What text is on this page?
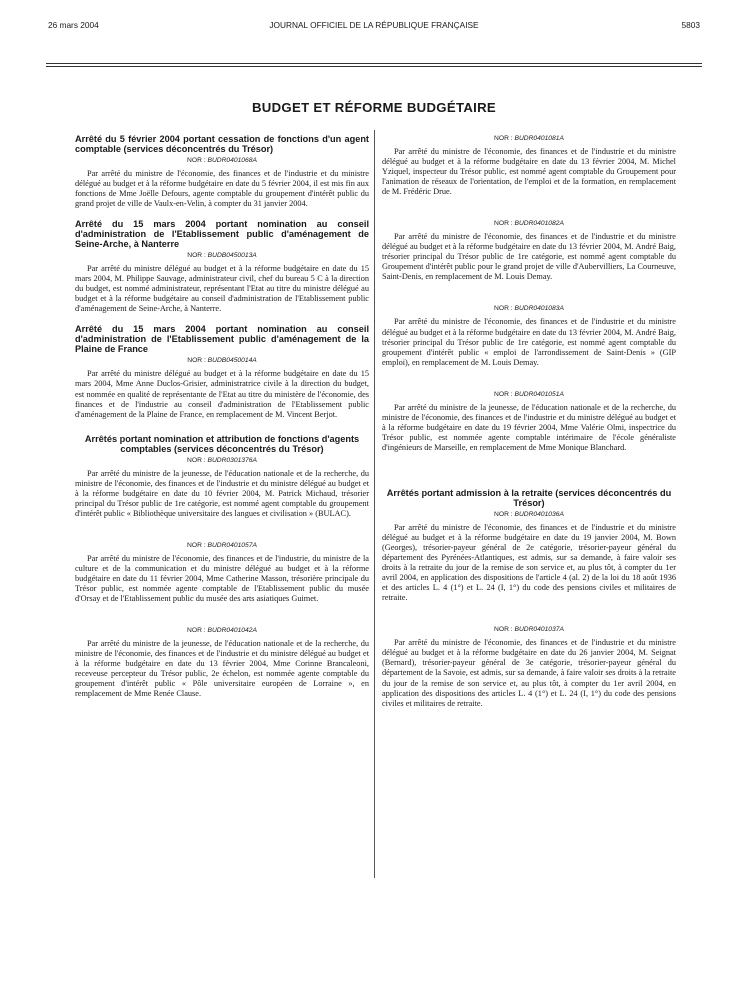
26 mars 2004	JOURNAL OFFICIEL DE LA RÉPUBLIQUE FRANÇAISE	5803
BUDGET ET RÉFORME BUDGÉTAIRE
Arrêté du 5 février 2004 portant cessation de fonctions d'un agent comptable (services déconcentrés du Trésor)
NOR : BUDR0401068A

Par arrêté du ministre de l'économie, des finances et de l'industrie et du ministre délégué au budget et à la réforme budgétaire en date du 5 février 2004, il est mis fin aux fonctions de Mme Joëlle Defours, agente comptable du groupement d'intérêt public du grand projet de ville de Vaulx-en-Velin, à compter du 31 janvier 2004.

Arrêté du 15 mars 2004 portant nomination au conseil d'administration de l'Etablissement public d'aménagement de Seine-Arche, à Nanterre
NOR : BUDB0450013A

Par arrêté du ministre délégué au budget et à la réforme budgétaire en date du 15 mars 2004, M. Philippe Sauvage, administrateur civil, chef du bureau 5 C à la direction du budget, est nommé administrateur, représentant l'Etat au titre du ministre délégué au budget et à la réforme budgétaire au conseil d'administration de l'Etablissement public d'aménagement de Seine-Arche, à Nanterre.

Arrêté du 15 mars 2004 portant nomination au conseil d'administration de l'Etablissement public d'aménagement de la Plaine de France
NOR : BUDB0450014A

Par arrêté du ministre délégué au budget et à la réforme budgétaire en date du 15 mars 2004, Mme Anne Duclos-Grisier, administratrice civile à la direction du budget, est nommée en qualité de représentante de l'Etat au titre du ministère de l'économie, des finances et de l'industrie au conseil d'administration de l'Etablissement public d'aménagement de la Plaine de France, en remplacement de M. Vincent Berjot.

Arrêtés portant nomination et attribution de fonctions d'agents comptables (services déconcentrés du Trésor)
NOR : BUDR0301376A

Par arrêté du ministre de la jeunesse, de l'éducation nationale et de la recherche, du ministre de l'économie, des finances et de l'industrie et du ministre délégué au budget et à la réforme budgétaire en date du 10 février 2004, M. Patrick Michaud, trésorier principal du Trésor public de 1re catégorie, est nommé agent comptable du groupement d'intérêt public « Bibliothèque universitaire des langues et civilisation » (BULAC).

NOR : BUDR0401057A

Par arrêté du ministre de l'économie, des finances et de l'industrie, du ministre de la culture et de la communication et du ministre délégué au budget et à la réforme budgétaire en date du 11 février 2004, Mme Catherine Masson, trésorière principale du Trésor public, est nommée agente comptable de l'Etablissement public du musée d'Orsay et de l'Etablissement public du musée des arts asiatiques Guimet.

NOR : BUDR0401042A

Par arrêté du ministre de la jeunesse, de l'éducation nationale et de la recherche, du ministre de l'économie, des finances et de l'industrie et du ministre délégué au budget et à la réforme budgétaire en date du 13 février 2004, Mme Corinne Brancaleoni, receveuse percepteur du Trésor public, 2e échelon, est nommée agente comptable du groupement d'intérêt public « Pôle universitaire européen de Lorraine », en remplacement de Mme Renée Clause.

NOR : BUDR0401081A

Par arrêté du ministre de l'économie, des finances et de l'industrie et du ministre délégué au budget et à la réforme budgétaire en date du 13 février 2004, M. Michel Yziquel, inspecteur du Trésor public, est nommé agent comptable du Groupement pour l'animation de réseaux de l'orientation, de l'emploi et de la formation, en remplacement de M. Frédéric Drue.

NOR : BUDR0401082A

Par arrêté du ministre de l'économie, des finances et de l'industrie et du ministre délégué au budget et à la réforme budgétaire en date du 13 février 2004, M. André Baig, trésorier principal du Trésor public de 1re catégorie, est nommé agent comptable du Groupement d'intérêt public pour le grand projet de ville d'Aubervilliers, La Courneuve, Saint-Denis, en remplacement de M. Louis Demay.

NOR : BUDR0401083A

Par arrêté du ministre de l'économie, des finances et de l'industrie et du ministre délégué au budget et à la réforme budgétaire en date du 13 février 2004, M. André Baig, trésorier principal du Trésor public de 1re catégorie, est nommé agent comptable du groupement d'intérêt public « emploi de l'arrondissement de Saint-Denis » (GIP emploi), en remplacement de M. Louis Demay.

NOR : BUDR0401051A

Par arrêté du ministre de la jeunesse, de l'éducation nationale et de la recherche, du ministre de l'économie, des finances et de l'industrie et du ministre délégué au budget et à la réforme budgétaire en date du 19 février 2004, Mme Valérie Olmi, inspectrice du Trésor public, est nommée agente comptable intérimaire de l'école généraliste d'ingénieurs de Marseille, en remplacement de Mme Monique Blanchard.

Arrêtés portant admission à la retraite (services déconcentrés du Trésor)
NOR : BUDR0401036A

Par arrêté du ministre de l'économie, des finances et de l'industrie et du ministre délégué au budget et à la réforme budgétaire en date du 19 janvier 2004, M. Bown (Georges), trésorier-payeur général de 2e catégorie, trésorier-payeur général du département des Pyrénées-Atlantiques, est admis, sur sa demande, à faire valoir ses droits à la retraite du jour de la remise de son service et, au plus tôt, à compter du 1er avril 2004, en application des dispositions de l'article 4 (al. 2) de la loi du 18 août 1936 et des articles L. 4 (1°) et L. 24 (I, 1°) du code des pensions civiles et militaires de retraite.

NOR : BUDR0401037A

Par arrêté du ministre de l'économie, des finances et de l'industrie et du ministre délégué au budget et à la réforme budgétaire en date du 26 janvier 2004, M. Seignat (Bernard), trésorier-payeur général de 3e catégorie, trésorier-payeur général du département de la Savoie, est admis, sur sa demande, à faire valoir ses droits à la retraite du jour de la remise de son service et, au plus tôt, à compter du 1er avril 2004, en application des dispositions des articles L. 4 (1°) et L. 24 (I, 1°) du code des pensions civiles et militaires de retraite.
